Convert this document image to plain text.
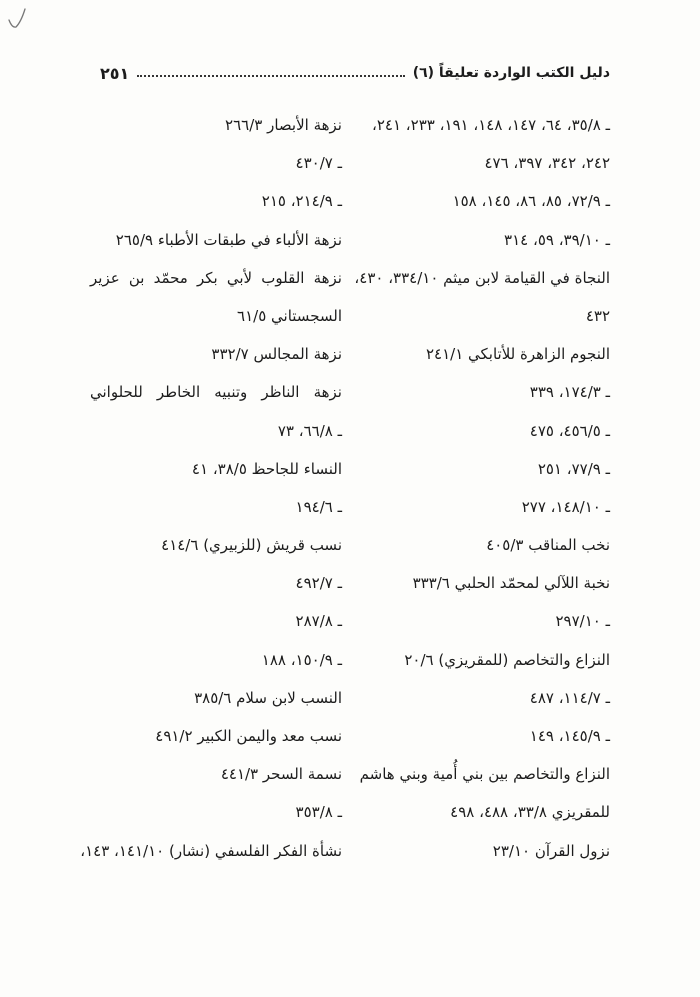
دليل الكتب الواردة تعليقاً (٦)
٢٥١
ـ ٣٥/٨، ٦٤، ١٤٧، ١٤٨، ١٩١، ٢٣٣، ٢٤١،
٢٤٢، ٣٤٢، ٣٩٧، ٤٧٦
ـ ٧٢/٩، ٨٥، ٨٦، ١٤٥، ١٥٨
ـ ٣٩/١٠، ٥٩، ٣١٤
النجاة في القيامة لابن ميثم ٣٣٤/١٠، ٤٣٠،
٤٣٢
النجوم الزاهرة للأتابكي ٢٤١/١
ـ ١٧٤/٣، ٣٣٩
ـ ٤٥٦/٥، ٤٧٥
ـ ٧٧/٩، ٢٥١
ـ ١٤٨/١٠، ٢٧٧
نخب المناقب ٤٠٥/٣
نخبة اللآلي لمحمّد الحلبي ٣٣٣/٦
ـ ٢٩٧/١٠
النزاع والتخاصم (للمقريزي) ٢٠/٦
ـ ١١٤/٧، ٤٨٧
ـ ١٤٥/٩، ١٤٩
النزاع والتخاصم بين بني أُمية وبني هاشم
للمقريزي ٣٣/٨، ٤٨٨، ٤٩٨
نزول القرآن ٢٣/١٠
نزهة الأبصار ٢٦٦/٣
ـ ٤٣٠/٧
ـ ٢١٤/٩، ٢١٥
نزهة الألباء في طبقات الأطباء ٢٦٥/٩
نزهة القلوب لأبي بكر محمّد بن عزير
السجستاني ٦١/٥
نزهة المجالس ٣٣٢/٧
نزهة الناظر وتنبيه الخاطر للحلواني
ـ ٦٦/٨، ٧٣
النساء للجاحظ ٣٨/٥، ٤١
ـ ١٩٤/٦
نسب قريش (للزبيري) ٤١٤/٦
ـ ٤٩٢/٧
ـ ٢٨٧/٨
ـ ١٥٠/٩، ١٨٨
النسب لابن سلام ٣٨٥/٦
نسب معد واليمن الكبير ٤٩١/٢
نسمة السحر ٤٤١/٣
ـ ٣٥٣/٨
نشأة الفكر الفلسفي (نشار) ١٤١/١٠، ١٤٣،
